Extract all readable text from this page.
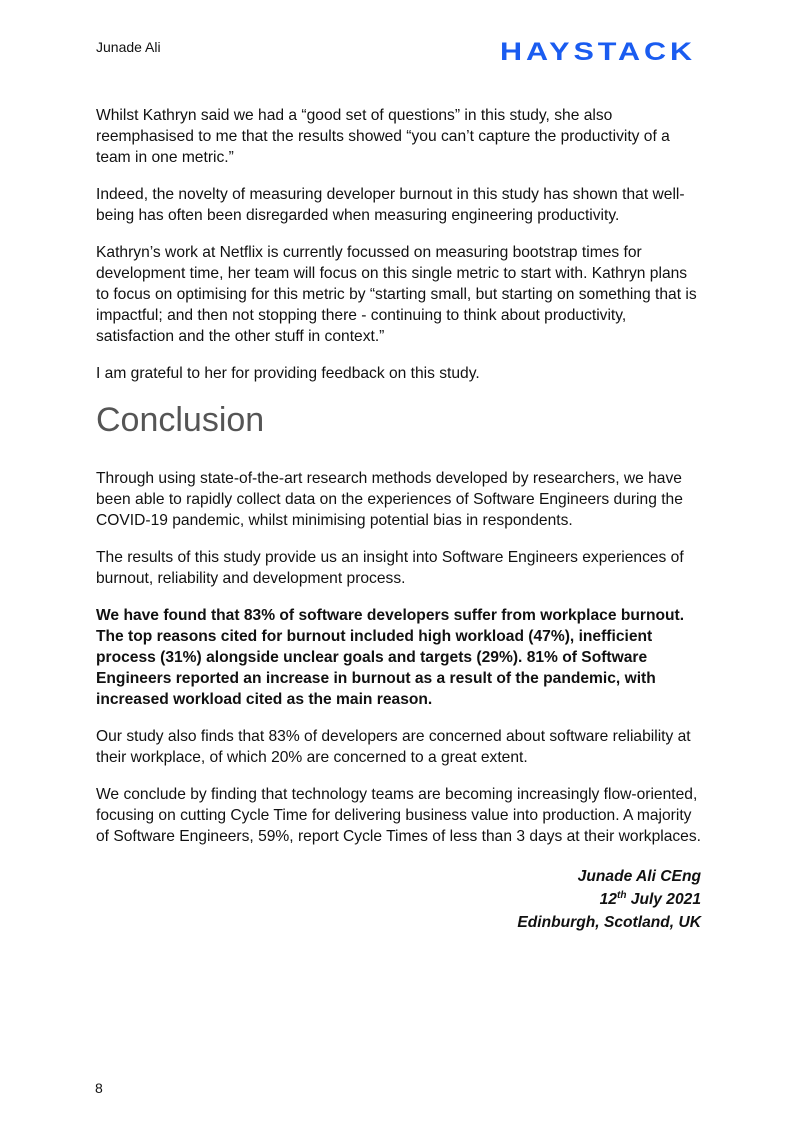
Junade Ali	HAYSTACK

Whilst Kathryn said we had a “good set of questions” in this study, she also reemphasised to me that the results showed “you can’t capture the productivity of a team in one metric.”

Indeed, the novelty of measuring developer burnout in this study has shown that well-being has often been disregarded when measuring engineering productivity.

Kathryn’s work at Netflix is currently focussed on measuring bootstrap times for development time, her team will focus on this single metric to start with. Kathryn plans to focus on optimising for this metric by “starting small, but starting on something that is impactful; and then not stopping there - continuing to think about productivity, satisfaction and the other stuff in context.”

I am grateful to her for providing feedback on this study.

Conclusion

Through using state-of-the-art research methods developed by researchers, we have been able to rapidly collect data on the experiences of Software Engineers during the COVID-19 pandemic, whilst minimising potential bias in respondents.

The results of this study provide us an insight into Software Engineers experiences of burnout, reliability and development process.

We have found that 83% of software developers suffer from workplace burnout. The top reasons cited for burnout included high workload (47%), inefficient process (31%) alongside unclear goals and targets (29%). 81% of Software Engineers reported an increase in burnout as a result of the pandemic, with increased workload cited as the main reason.

Our study also finds that 83% of developers are concerned about software reliability at their workplace, of which 20% are concerned to a great extent.

We conclude by finding that technology teams are becoming increasingly flow-oriented, focusing on cutting Cycle Time for delivering business value into production. A majority of Software Engineers, 59%, report Cycle Times of less than 3 days at their workplaces.

Junade Ali CEng
12th July 2021
Edinburgh, Scotland, UK
8
